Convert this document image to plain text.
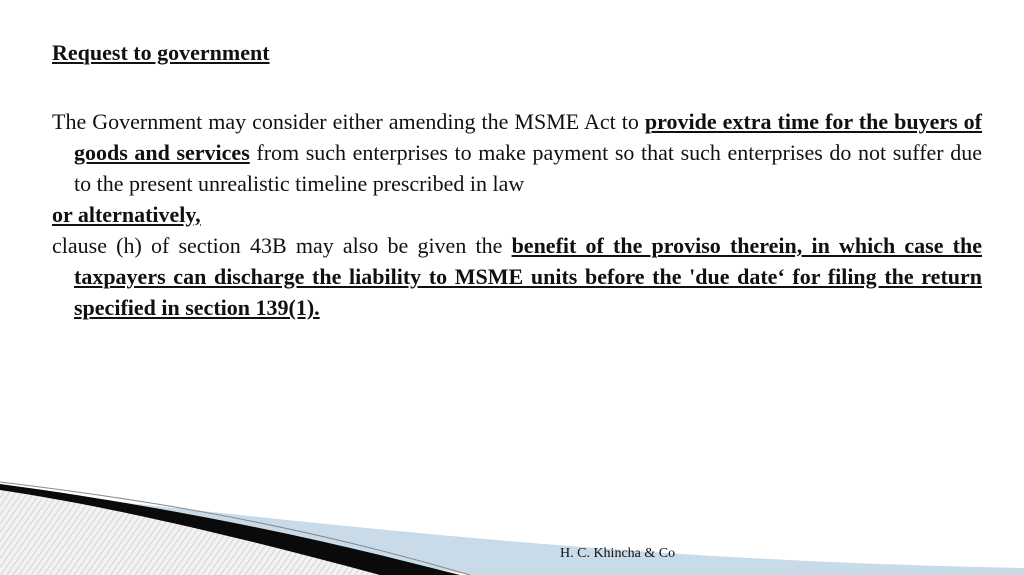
Request to government

The Government may consider either amending the MSME Act to provide extra time for the buyers of goods and services from such enterprises to make payment so that such enterprises do not suffer due to the present unrealistic timeline prescribed in law

or alternatively,

clause (h) of section 43B may also be given the benefit of the proviso therein, in which case the taxpayers can discharge the liability to MSME units before the 'due date‘ for filing the return specified in section 139(1).

H. C. Khincha & Co
